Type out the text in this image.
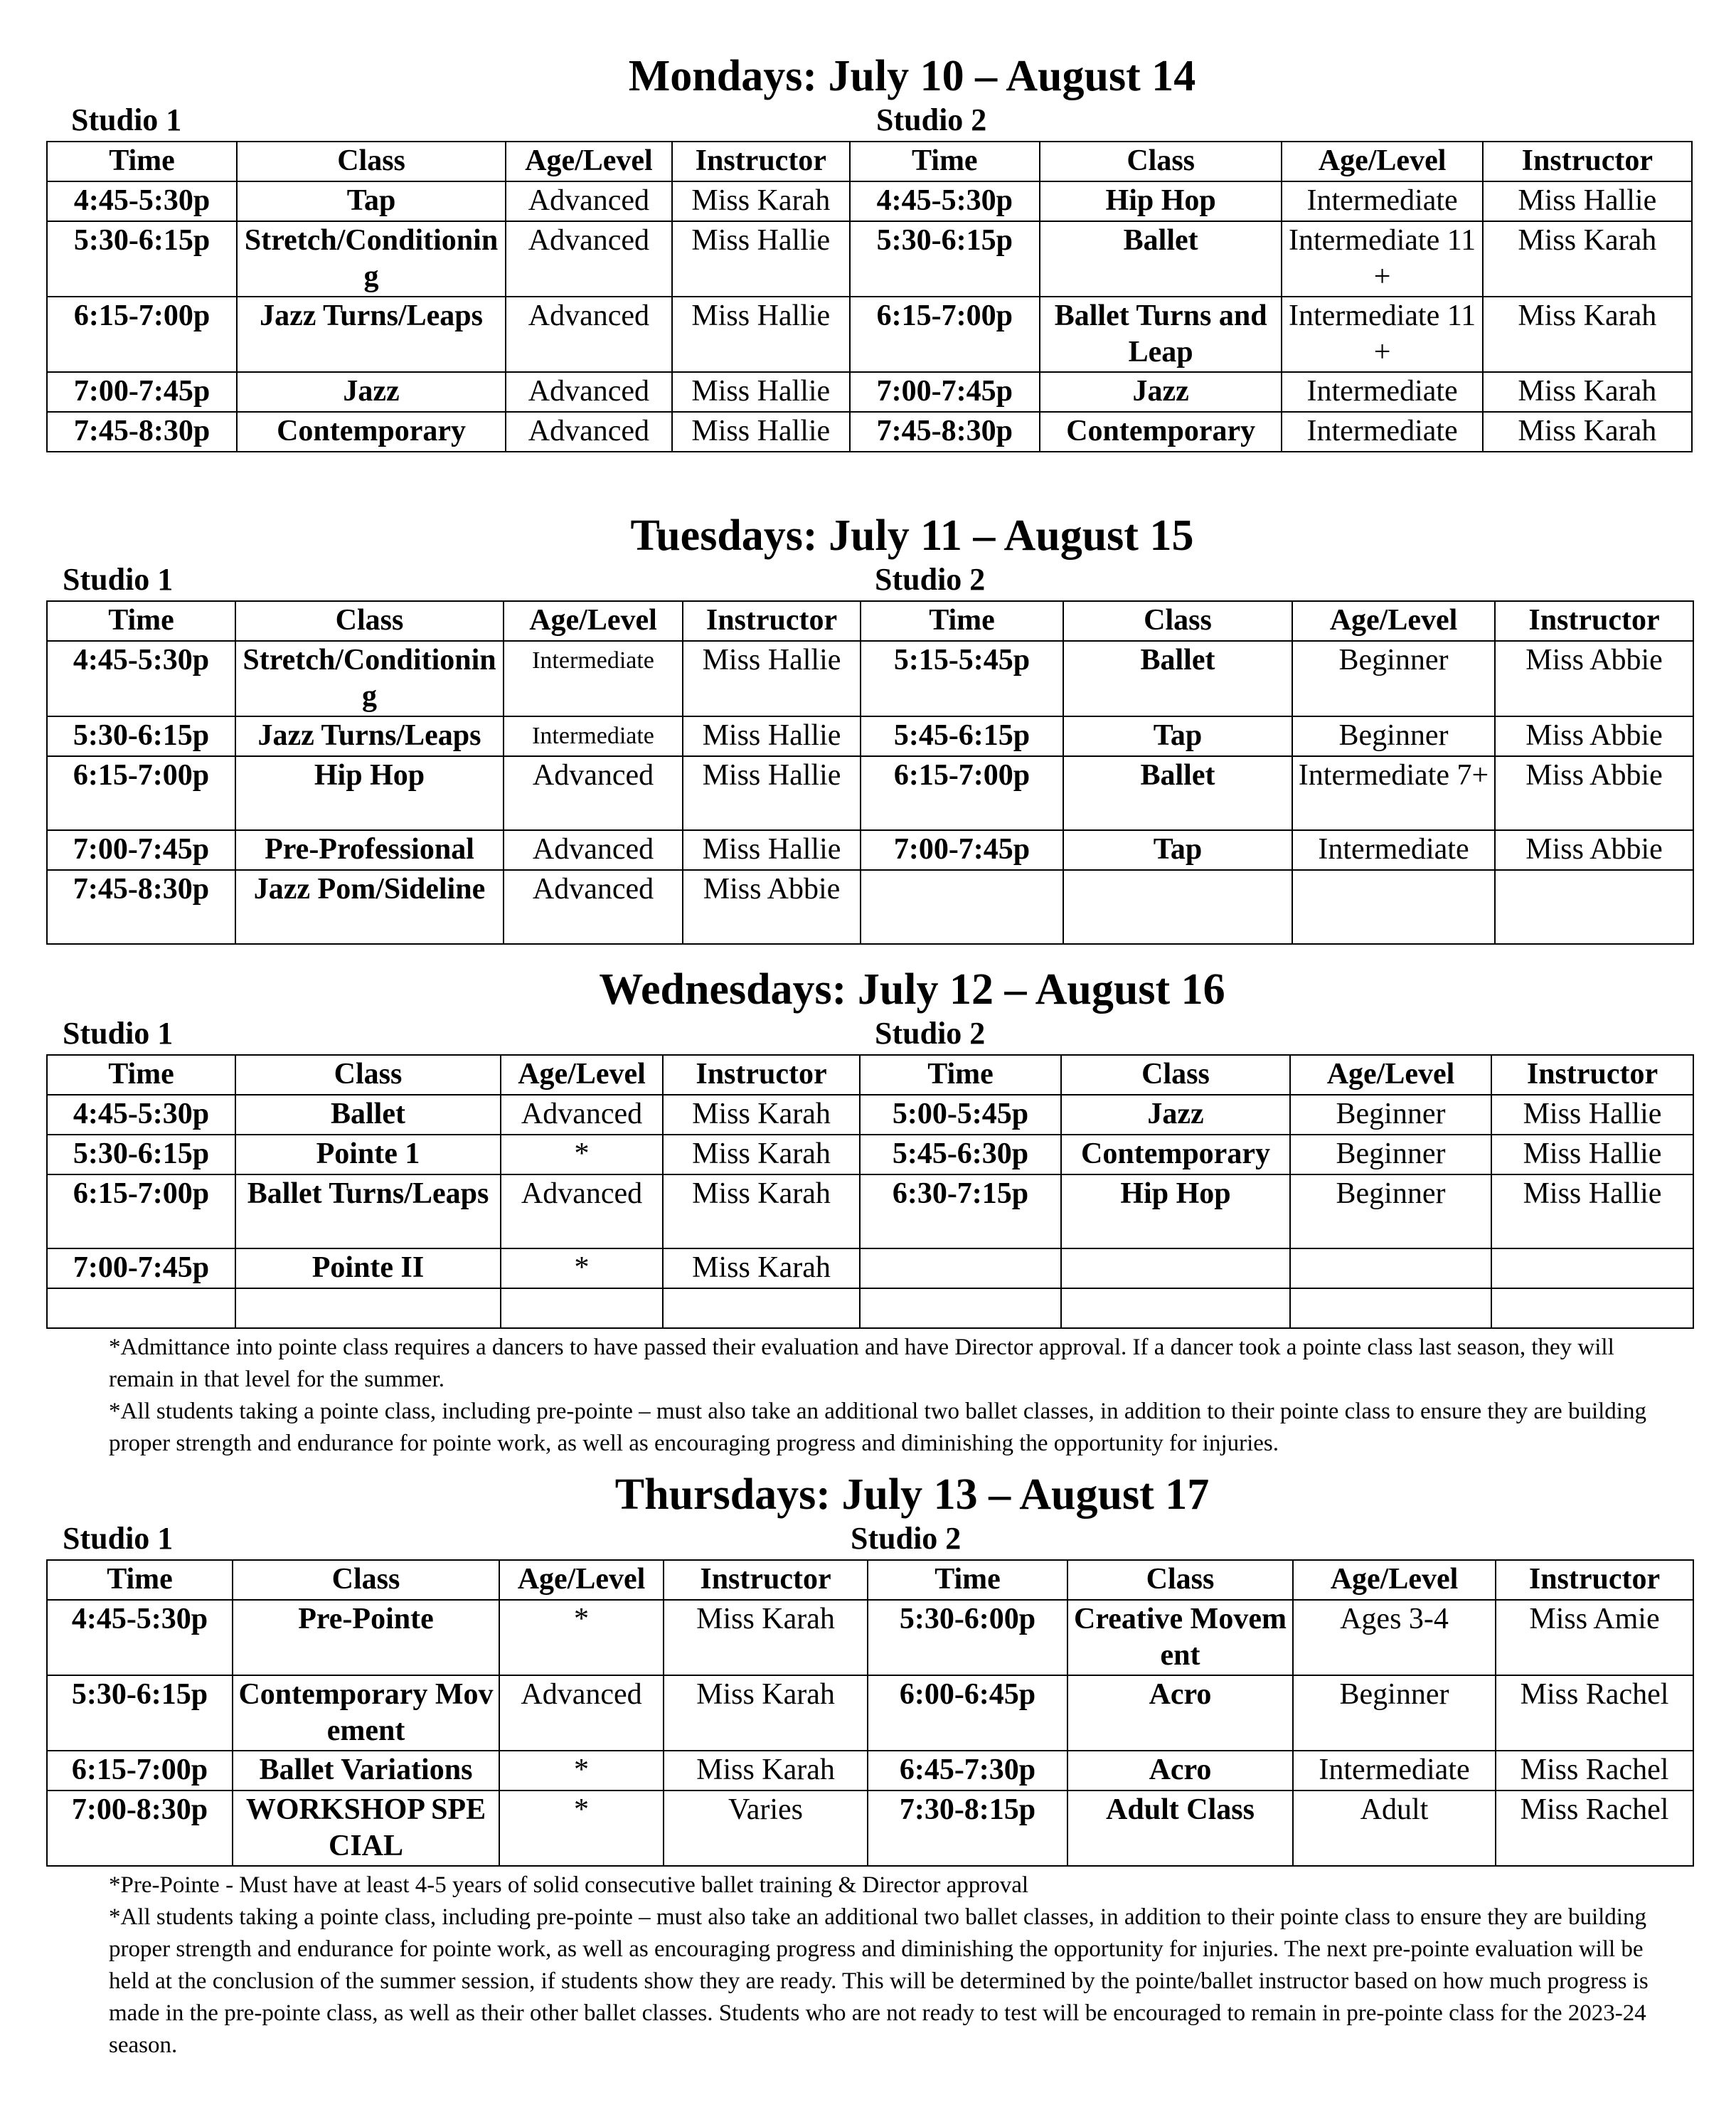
Mondays: July 10 – August 14
Studio 1	Studio 2
Time	Class	Age/Level	Instructor	Time	Class	Age/Level	Instructor
4:45-5:30p	Tap	Advanced	Miss Karah	4:45-5:30p	Hip Hop	Intermediate	Miss Hallie
5:30-6:15p	Stretch/Conditioning	Advanced	Miss Hallie	5:30-6:15p	Ballet	Intermediate 11+	Miss Karah
6:15-7:00p	Jazz Turns/Leaps	Advanced	Miss Hallie	6:15-7:00p	Ballet Turns and Leap	Intermediate 11+	Miss Karah
7:00-7:45p	Jazz	Advanced	Miss Hallie	7:00-7:45p	Jazz	Intermediate	Miss Karah
7:45-8:30p	Contemporary	Advanced	Miss Hallie	7:45-8:30p	Contemporary	Intermediate	Miss Karah
Tuesdays: July 11 – August 15
Studio 1	Studio 2
Time	Class	Age/Level	Instructor	Time	Class	Age/Level	Instructor
4:45-5:30p	Stretch/Conditioning	Intermediate	Miss Hallie	5:15-5:45p	Ballet	Beginner	Miss Abbie
5:30-6:15p	Jazz Turns/Leaps	Intermediate	Miss Hallie	5:45-6:15p	Tap	Beginner	Miss Abbie
6:15-7:00p	Hip Hop	Advanced	Miss Hallie	6:15-7:00p	Ballet	Intermediate 7+	Miss Abbie
7:00-7:45p	Pre-Professional	Advanced	Miss Hallie	7:00-7:45p	Tap	Intermediate	Miss Abbie
7:45-8:30p	Jazz Pom/Sideline	Advanced	Miss Abbie				
Wednesdays: July 12 – August 16
Studio 1	Studio 2
Time	Class	Age/Level	Instructor	Time	Class	Age/Level	Instructor
4:45-5:30p	Ballet	Advanced	Miss Karah	5:00-5:45p	Jazz	Beginner	Miss Hallie
5:30-6:15p	Pointe 1	*	Miss Karah	5:45-6:30p	Contemporary	Beginner	Miss Hallie
6:15-7:00p	Ballet Turns/Leaps	Advanced	Miss Karah	6:30-7:15p	Hip Hop	Beginner	Miss Hallie
7:00-7:45p	Pointe II	*	Miss Karah				

*Admittance into pointe class requires a dancers to have passed their evaluation and have Director approval. If a dancer took a pointe class last season, they will remain in that level for the summer.

*All students taking a pointe class, including pre-pointe – must also take an additional two ballet classes, in addition to their pointe class to ensure they are building proper strength and endurance for pointe work, as well as encouraging progress and diminishing the opportunity for injuries.

Thursdays: July 13 – August 17
Studio 1	Studio 2
Time	Class	Age/Level	Instructor	Time	Class	Age/Level	Instructor
4:45-5:30p	Pre-Pointe	*	Miss Karah	5:30-6:00p	Creative Movement	Ages 3-4	Miss Amie
5:30-6:15p	Contemporary Movement	Advanced	Miss Karah	6:00-6:45p	Acro	Beginner	Miss Rachel
6:15-7:00p	Ballet Variations	*	Miss Karah	6:45-7:30p	Acro	Intermediate	Miss Rachel
7:00-8:30p	WORKSHOP SPECIAL	*	Varies	7:30-8:15p	Adult Class	Adult	Miss Rachel

*Pre-Pointe - Must have at least 4-5 years of solid consecutive ballet training & Director approval

*All students taking a pointe class, including pre-pointe – must also take an additional two ballet classes, in addition to their pointe class to ensure they are building proper strength and endurance for pointe work, as well as encouraging progress and diminishing the opportunity for injuries. The next pre-pointe evaluation will be held at the conclusion of the summer session, if students show they are ready. This will be determined by the pointe/ballet instructor based on how much progress is made in the pre-pointe class, as well as their other ballet classes. Students who are not ready to test will be encouraged to remain in pre-pointe class for the 2023-24 season.
